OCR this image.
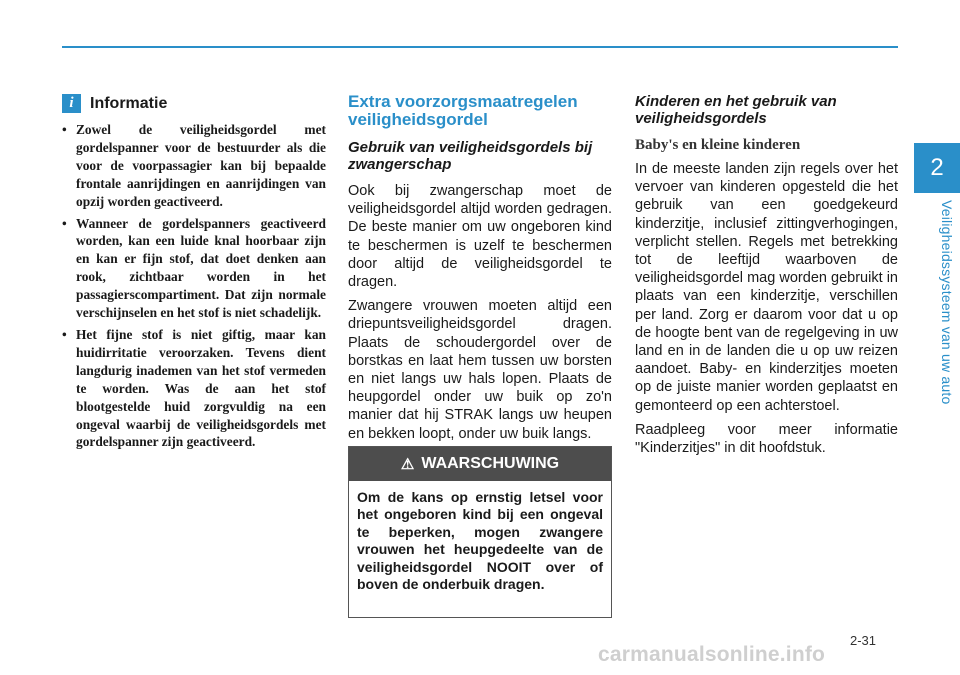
2
Veiligheidssysteem van uw auto
i	Informatie
• Zowel de veiligheidsgordel met gordelspanner voor de bestuurder als die voor de voorpassagier kan bij bepaalde frontale aanrijdingen en aanrijdingen van opzij worden geactiveerd.
• Wanneer de gordelspanners geactiveerd worden, kan een luide knal hoorbaar zijn en kan er fijn stof, dat doet denken aan rook, zichtbaar worden in het passagierscompartiment. Dat zijn normale verschijnselen en het stof is niet schadelijk.
• Het fijne stof is niet giftig, maar kan huidirritatie veroorzaken. Tevens dient langdurig inademen van het stof vermeden te worden. Was de aan het stof blootgestelde huid zorgvuldig na een ongeval waarbij de veiligheidsgordels met gordelspanner zijn geactiveerd.
Extra voorzorgsmaatregelen veiligheidsgordel
Gebruik van veiligheidsgordels bij zwangerschap

Ook bij zwangerschap moet de veiligheidsgordel altijd worden gedragen. De beste manier om uw ongeboren kind te beschermen is uzelf te beschermen door altijd de veiligheidsgordel te dragen.

Zwangere vrouwen moeten altijd een driepuntsveiligheidsgordel dragen. Plaats de schoudergordel over de borstkas en laat hem tussen uw borsten en niet langs uw hals lopen. Plaats de heupgordel onder uw buik op zo'n manier dat hij STRAK langs uw heupen en bekken loopt, onder uw buik langs.

⚠ WAARSCHUWING
Om de kans op ernstig letsel voor het ongeboren kind bij een ongeval te beperken, mogen zwangere vrouwen het heupgedeelte van de veiligheidsgordel NOOIT over of boven de onderbuik dragen.
Kinderen en het gebruik van veiligheidsgordels
Baby's en kleine kinderen

In de meeste landen zijn regels over het vervoer van kinderen opgesteld die het gebruik van een goedgekeurd kinderzitje, inclusief zittingverhogingen, verplicht stellen. Regels met betrekking tot de leeftijd waarboven de veiligheidsgordel mag worden gebruikt in plaats van een kinderzitje, verschillen per land. Zorg er daarom voor dat u op de hoogte bent van de regelgeving in uw land en in de landen die u op uw reizen aandoet. Baby- en kinderzitjes moeten op de juiste manier worden geplaatst en gemonteerd op een achterstoel.

Raadpleeg voor meer informatie "Kinderzitjes" in dit hoofdstuk.

2-31
carmanualsonline.info
